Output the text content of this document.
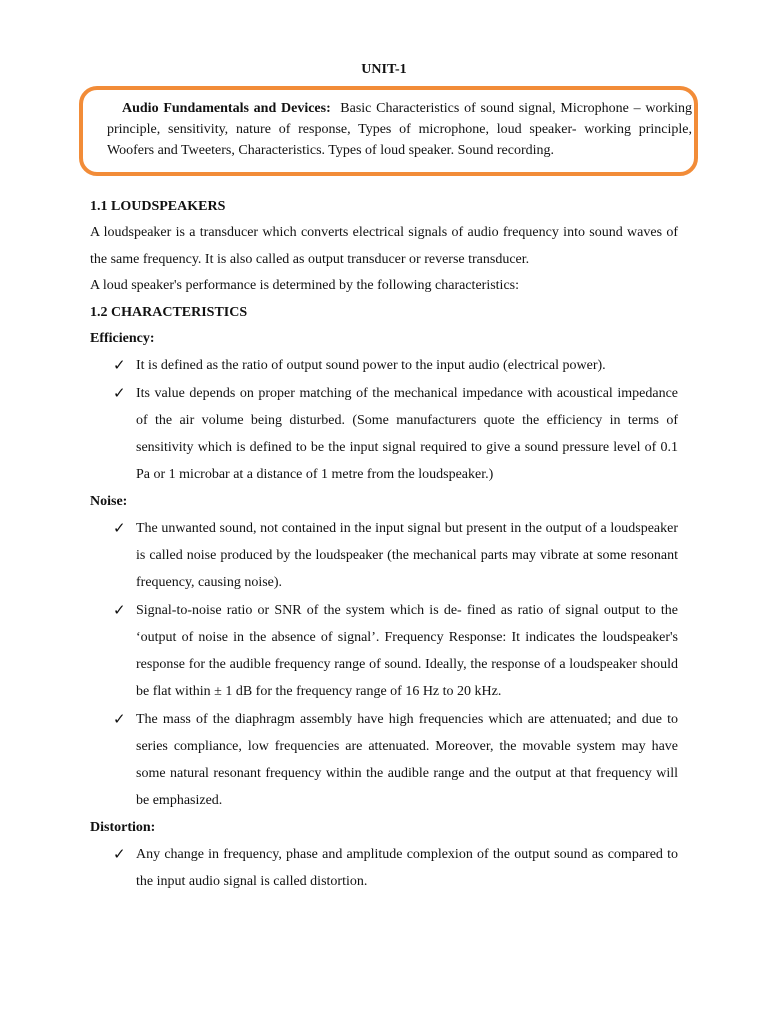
UNIT-1
Audio Fundamentals and Devices: Basic Characteristics of sound signal, Microphone – working principle, sensitivity, nature of response, Types of microphone, loud speaker- working principle, Woofers and Tweeters, Characteristics. Types of loud speaker. Sound recording.
1.1 LOUDSPEAKERS
A loudspeaker is a transducer which converts electrical signals of audio frequency into sound waves of the same frequency. It is also called as output transducer or reverse transducer.
A loud speaker's performance is determined by the following characteristics:
1.2 CHARACTERISTICS
Efficiency:
✓ It is defined as the ratio of output sound power to the input audio (electrical power).
✓ Its value depends on proper matching of the mechanical impedance with acoustical impedance of the air volume being disturbed. (Some manufacturers quote the efficiency in terms of sensitivity which is defined to be the input signal required to give a sound pressure level of 0.1 Pa or 1 microbar at a distance of 1 metre from the loudspeaker.)
Noise:
✓ The unwanted sound, not contained in the input signal but present in the output of a loudspeaker is called noise produced by the loudspeaker (the mechanical parts may vibrate at some resonant frequency, causing noise).
✓ Signal-to-noise ratio or SNR of the system which is de- fined as ratio of signal output to the ‘output of noise in the absence of signal’. Frequency Response: It indicates the loudspeaker's response for the audible frequency range of sound. Ideally, the response of a loudspeaker should be flat within ± 1 dB for the frequency range of 16 Hz to 20 kHz.
✓ The mass of the diaphragm assembly have high frequencies which are attenuated; and due to series compliance, low frequencies are attenuated. Moreover, the movable system may have some natural resonant frequency within the audible range and the output at that frequency will be emphasized.
Distortion:
✓ Any change in frequency, phase and amplitude complexion of the output sound as compared to the input audio signal is called distortion.
